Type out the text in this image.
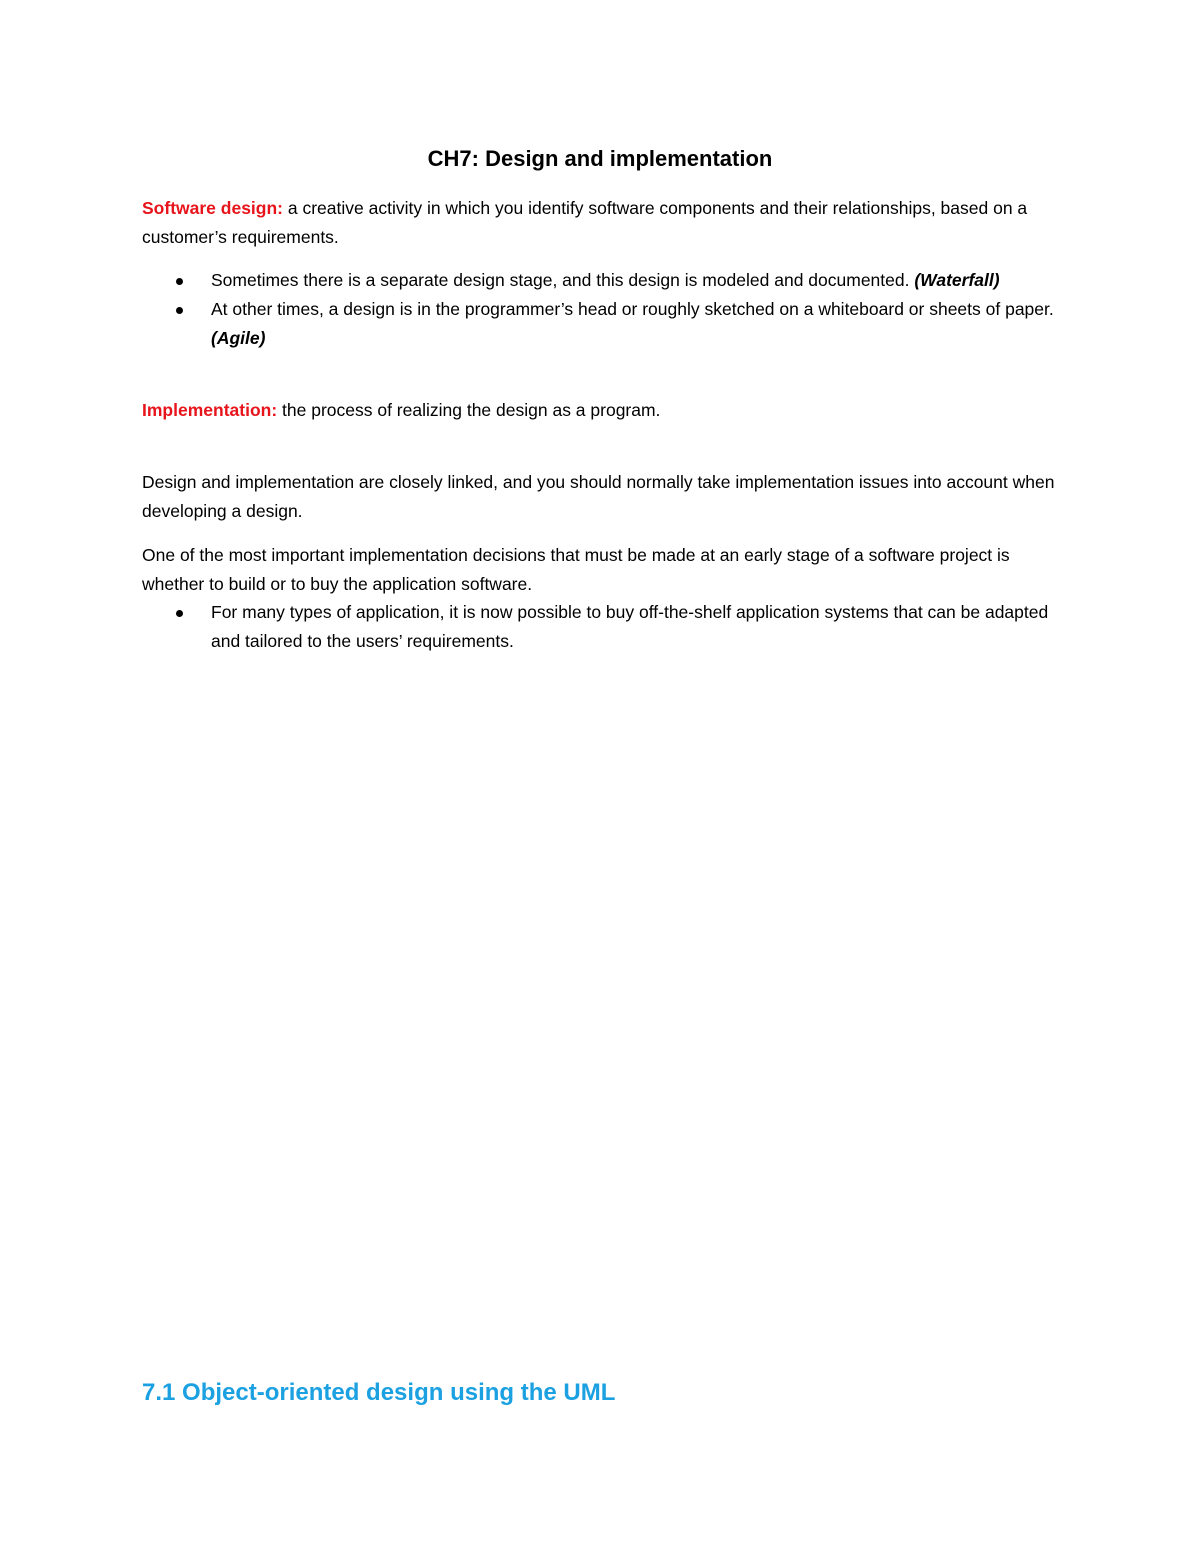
CH7: Design and implementation

Software design: a creative activity in which you identify software components and their relationships, based on a customer’s requirements.

Sometimes there is a separate design stage, and this design is modeled and documented. (Waterfall)
At other times, a design is in the programmer’s head or roughly sketched on a whiteboard or sheets of paper. (Agile)

Implementation: the process of realizing the design as a program.

Design and implementation are closely linked, and you should normally take implementation issues into account when developing a design.

One of the most important implementation decisions that must be made at an early stage of a software project is whether to build or to buy the application software.

For many types of application, it is now possible to buy off-the-shelf application systems that can be adapted and tailored to the users’ requirements.
7.1 Object-oriented design using the UML
